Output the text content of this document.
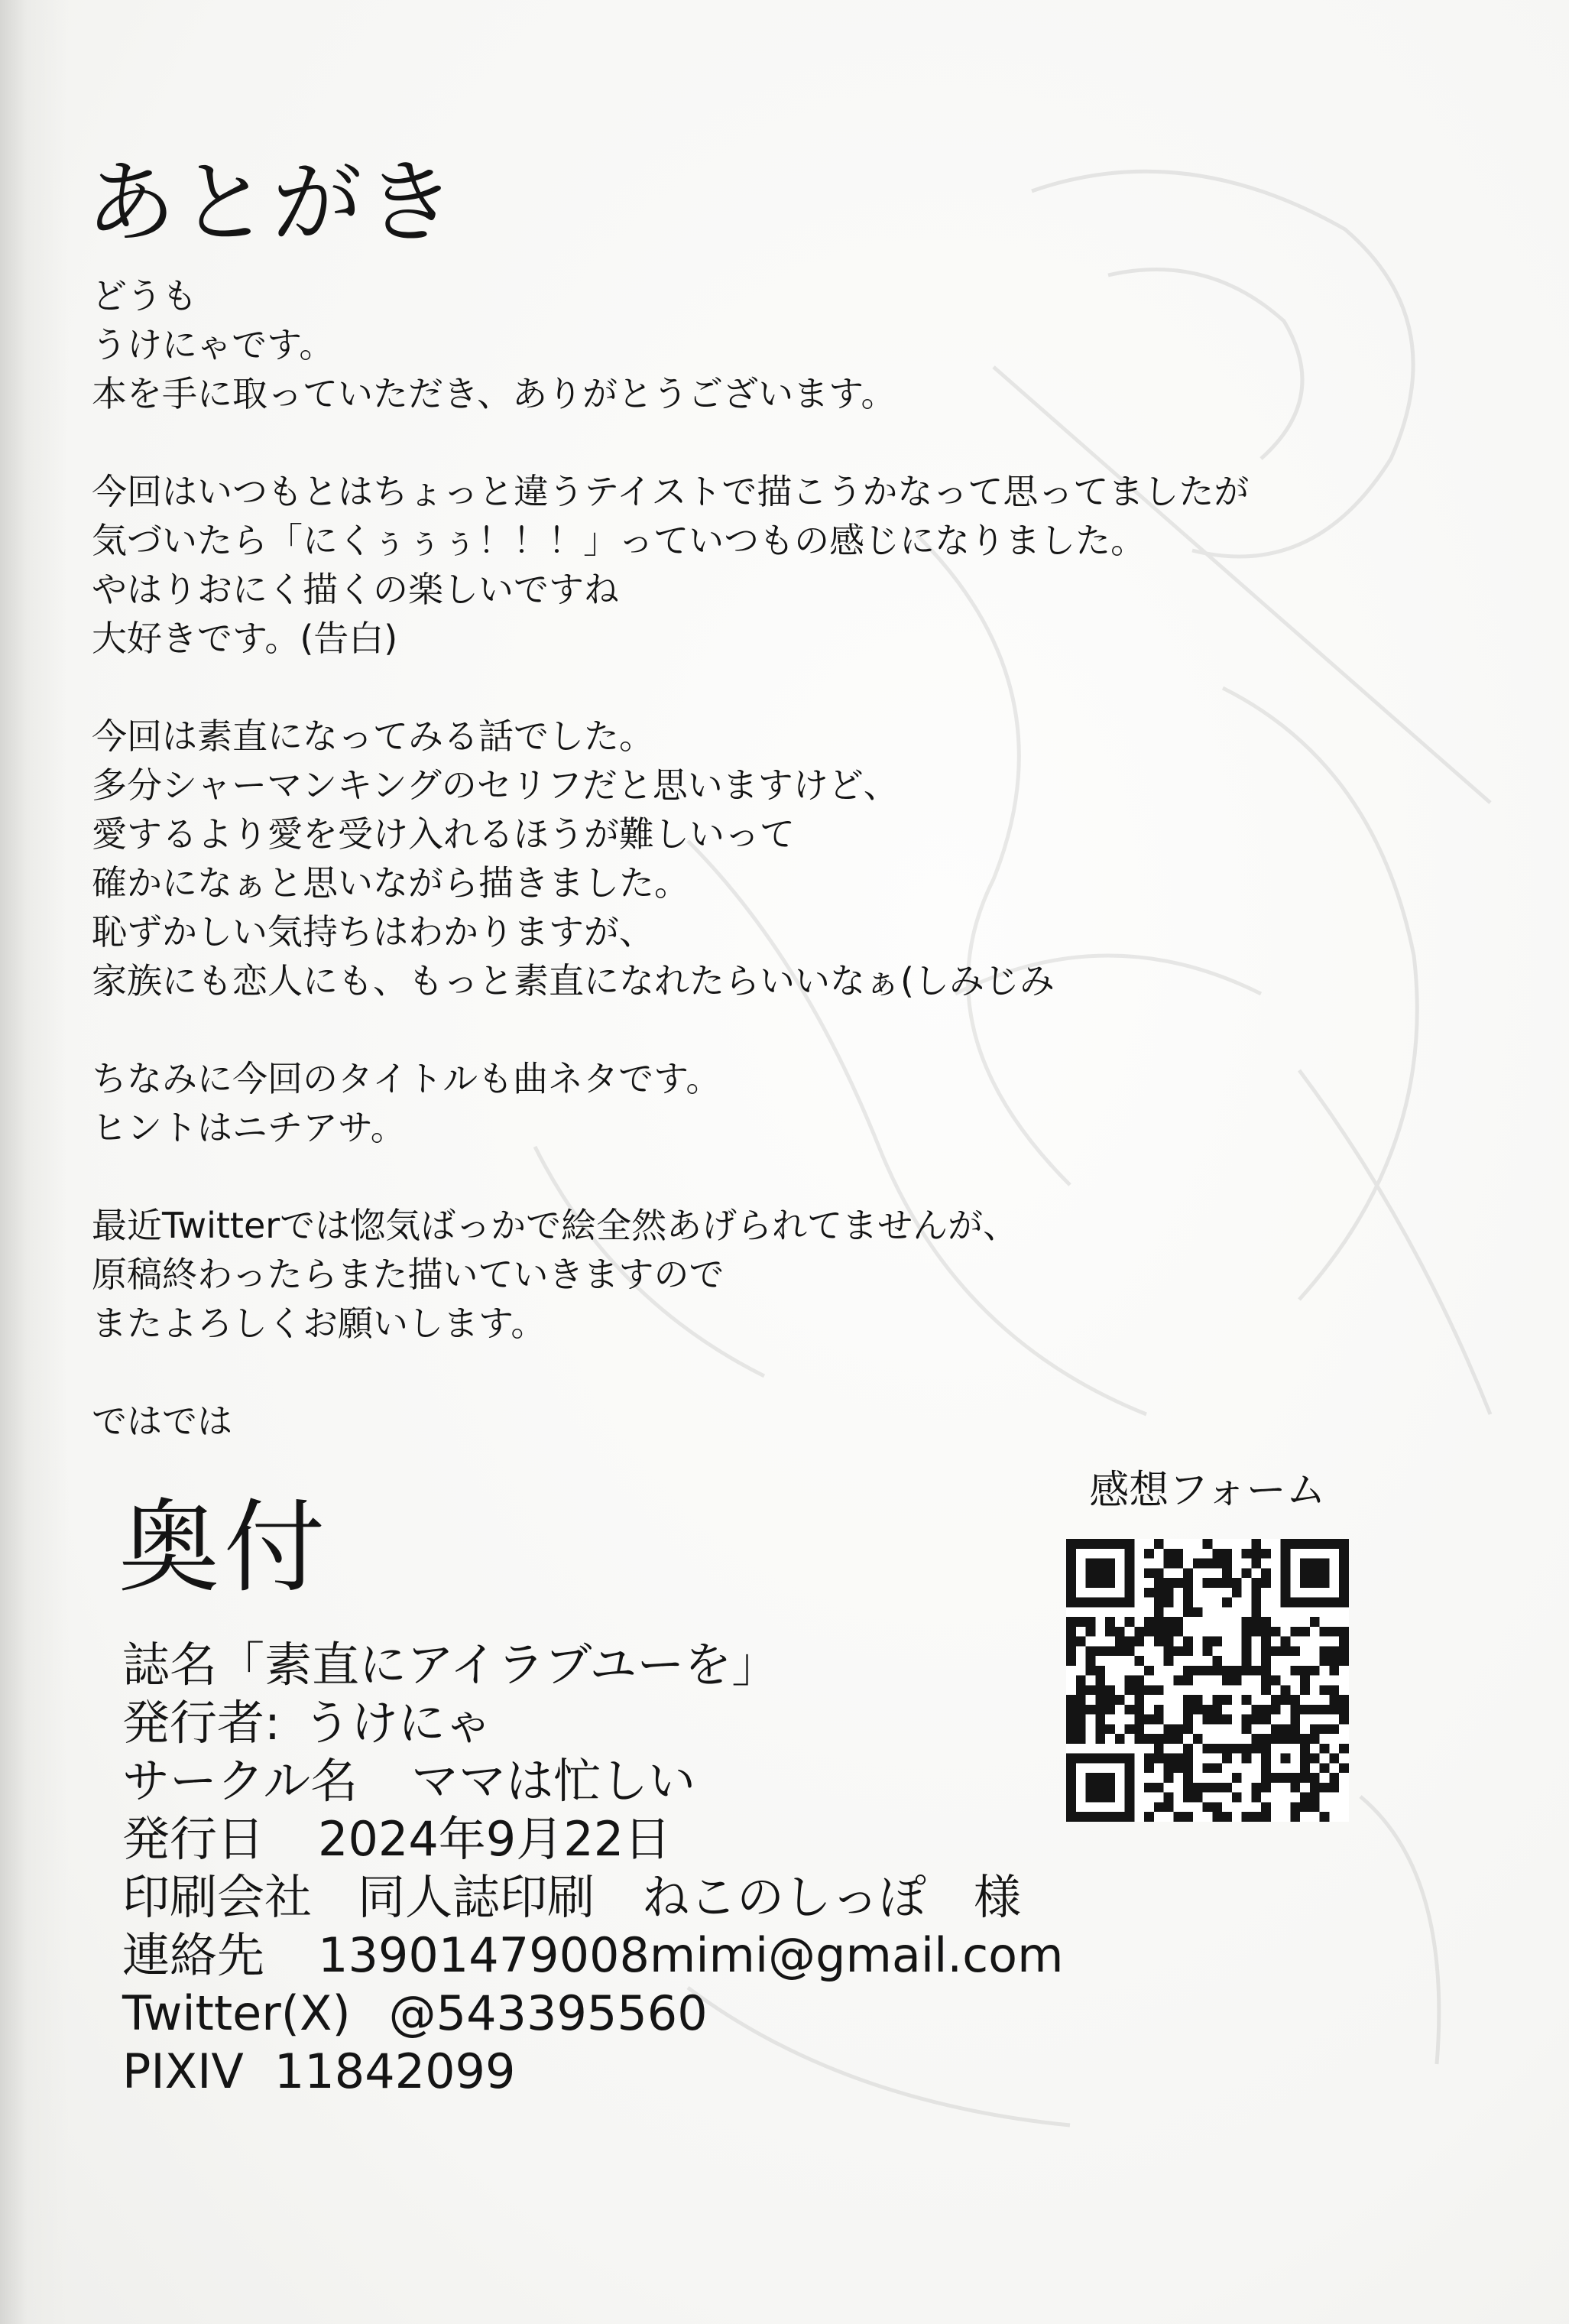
あとがき
どうも
うけにゃです。
本を手に取っていただき、ありがとうございます。
今回はいつもとはちょっと違うテイストで描こうかなって思ってましたが
気づいたら「にくぅぅぅ！！！」っていつもの感じになりました。
やはりおにく描くの楽しいですね
大好きです。(告白)
今回は素直になってみる話でした。
多分シャーマンキングのセリフだと思いますけど、
愛するより愛を受け入れるほうが難しいって
確かになぁと思いながら描きました。
恥ずかしい気持ちはわかりますが、
家族にも恋人にも、もっと素直になれたらいいなぁ(しみじみ
ちなみに今回のタイトルも曲ネタです。
ヒントはニチアサ。
最近Twitterでは惚気ばっかで絵全然あげられてませんが、
原稿終わったらまた描いていきますので
またよろしくお願いします。
ではでは
奥付
誌名「素直にアイラブユーを」
発行者: うけにゃ
サークル名 ママは忙しい
発行日 2024年9月22日
印刷会社 同人誌印刷　ねこのしっぽ　様
連絡先 13901479008mimi@gmail.com
Twitter(X) @543395560
PIXIV 11842099
感想フォーム
